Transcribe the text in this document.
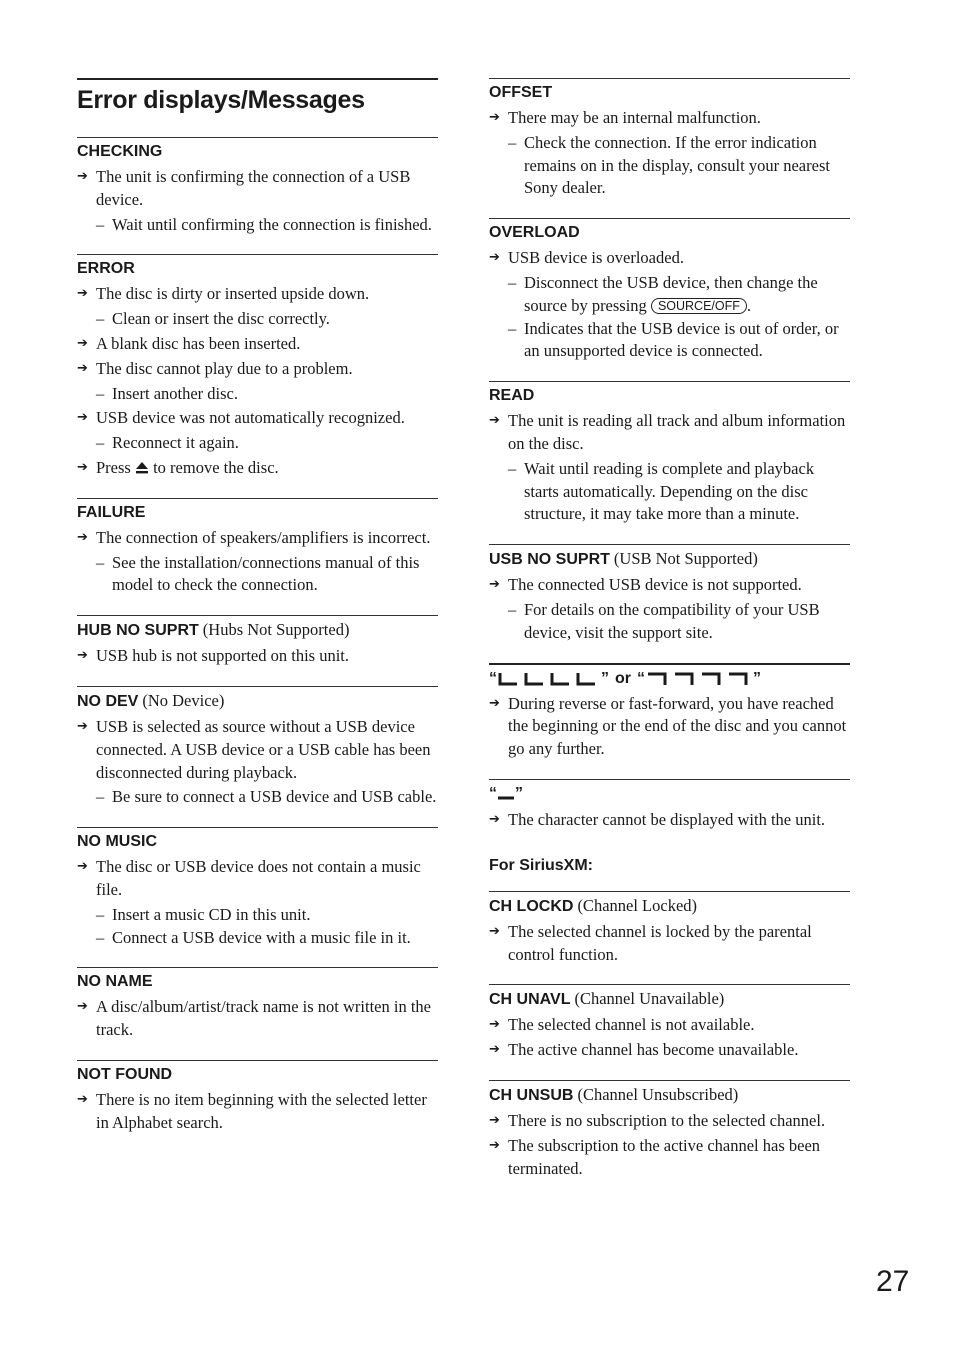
Error displays/Messages
CHECKING
➔ The unit is confirming the connection of a USB device.
– Wait until confirming the connection is finished.
ERROR
➔ The disc is dirty or inserted upside down.
– Clean or insert the disc correctly.
➔ A blank disc has been inserted.
➔ The disc cannot play due to a problem.
– Insert another disc.
➔ USB device was not automatically recognized.
– Reconnect it again.
➔ Press to remove the disc.
FAILURE
➔ The connection of speakers/amplifiers is incorrect.
– See the installation/connections manual of this model to check the connection.
HUB NO SUPRT (Hubs Not Supported)
➔ USB hub is not supported on this unit.
NO DEV (No Device)
➔ USB is selected as source without a USB device connected. A USB device or a USB cable has been disconnected during playback.
– Be sure to connect a USB device and USB cable.
NO MUSIC
➔ The disc or USB device does not contain a music file.
– Insert a music CD in this unit.
– Connect a USB device with a music file in it.
NO NAME
➔ A disc/album/artist/track name is not written in the track.
NOT FOUND
➔ There is no item beginning with the selected letter in Alphabet search.
OFFSET
➔ There may be an internal malfunction.
– Check the connection. If the error indication remains on in the display, consult your nearest Sony dealer.
OVERLOAD
➔ USB device is overloaded.
– Disconnect the USB device, then change the source by pressing SOURCE/OFF .
– Indicates that the USB device is out of order, or an unsupported device is connected.
READ
➔ The unit is reading all track and album information on the disc.
– Wait until reading is complete and playback starts automatically. Depending on the disc structure, it may take more than a minute.
USB NO SUPRT (USB Not Supported)
➔ The connected USB device is not supported.
– For details on the compatibility of your USB device, visit the support site.
“	” or “	”
➔ During reverse or fast-forward, you have reached the beginning or the end of the disc and you cannot go any further.
“ ”
➔ The character cannot be displayed with the unit.
For SiriusXM:
CH LOCKD (Channel Locked)
➔ The selected channel is locked by the parental control function.
CH UNAVL (Channel Unavailable)
➔ The selected channel is not available.
➔ The active channel has become unavailable.
CH UNSUB (Channel Unsubscribed)
➔ There is no subscription to the selected channel.
➔ The subscription to the active channel has been terminated.
27
